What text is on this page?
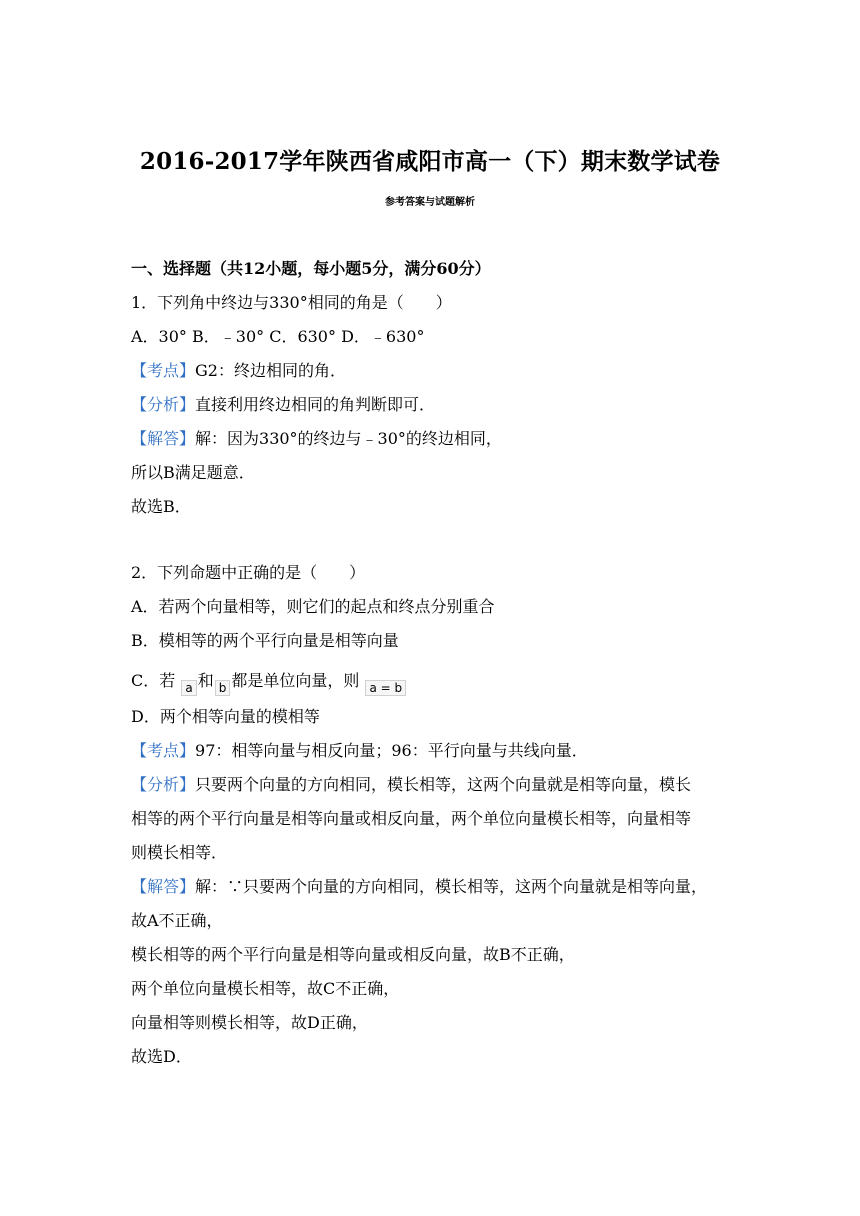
2016-2017学年陕西省咸阳市高一（下）期末数学试卷
参考答案与试题解析
一、选择题（共12小题，每小题5分，满分60分）
1．下列角中终边与330°相同的角是（　　）
A．30° B．﹣30° C．630° D．﹣630°
【考点】G2：终边相同的角．
【分析】直接利用终边相同的角判断即可．
【解答】解：因为330°的终边与﹣30°的终边相同，
所以B满足题意．
故选B．
2．下列命题中正确的是（　　）
A．若两个向量相等，则它们的起点和终点分别重合
B．模相等的两个平行向量是相等向量
C．若 a 和 b 都是单位向量，则 a = b
D．两个相等向量的模相等
【考点】97：相等向量与相反向量；96：平行向量与共线向量．
【分析】只要两个向量的方向相同，模长相等，这两个向量就是相等向量，模长
相等的两个平行向量是相等向量或相反向量，两个单位向量模长相等，向量相等
则模长相等．
【解答】解：∵只要两个向量的方向相同，模长相等，这两个向量就是相等向量，
故A不正确，
模长相等的两个平行向量是相等向量或相反向量，故B不正确，
两个单位向量模长相等，故C不正确，
向量相等则模长相等，故D正确，
故选D．
